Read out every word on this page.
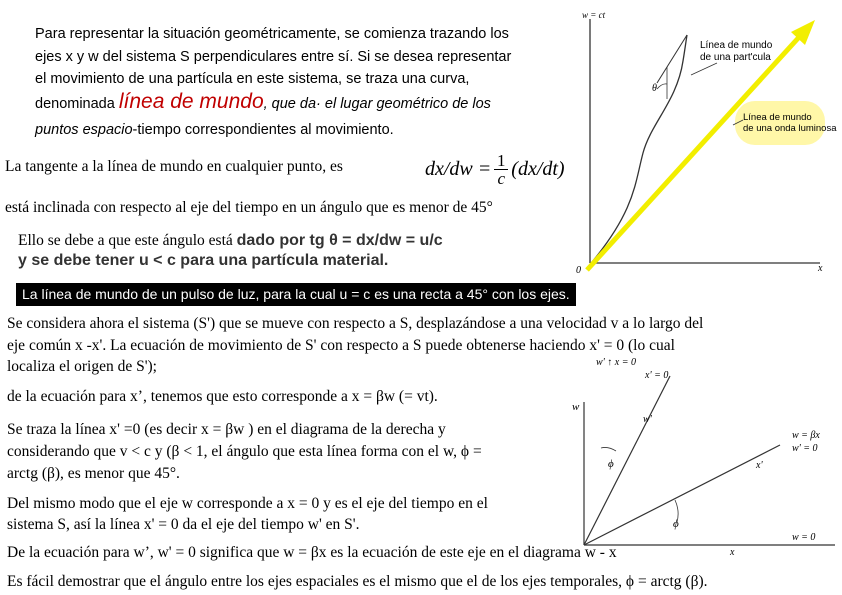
Para representar la situación geométricamente, se comienza trazando los
ejes x y w del sistema S perpendiculares entre sí. Si se desea representar
el movimiento de una partícula en este sistema, se traza una curva,
denominada línea de mundo, que da· el lugar geométrico de los
puntos espacio-tiempo correspondientes al movimiento.
La tangente a la línea de mundo en cualquier punto, es	dx/dw = 1
c (dx/dt)
está inclinada con respecto al eje del tiempo en un ángulo que es menor de 45°
Ello se debe a que este ángulo está dado por tg θ = dx/dw = u/c
y se debe tener u < c para una partícula material.
La línea de mundo de un pulso de luz, para la cual u = c es una recta a 45° con los ejes.
Se considera ahora el sistema (S') que se mueve con respecto a S, desplazándose a una velocidad v a lo largo del
eje común x -x'. La ecuación de movimiento de S' con respecto a S puede obtenerse haciendo x' = 0 (lo cual
localiza el origen de S');
de la ecuación para x’, tenemos que esto corresponde a x = βw (= vt).
Se traza la línea x' =0 (es decir x = βw ) en el diagrama de la derecha y
considerando que v < c y (β < 1, el ángulo que esta línea forma con el w, ϕ =
arctg (β), es menor que 45°.
Del mismo modo que el eje w corresponde a x = 0 y es el eje del tiempo en el
sistema S, así la línea x' = 0 da el eje del tiempo w' en S'.
De la ecuación para w’, w' = 0 significa que w = βx es la ecuación de este eje en el diagrama w - x
Es fácil demostrar que el ángulo entre los ejes espaciales es el mismo que el de los ejes temporales, ϕ = arctg (β).
w = ct
Línea de mundo
de una part'cula
θ
Línea de mundo
de una onda luminosa
0	x
w' ↑ x = 0
x' = 0
w
w'
ϕ
w = βx
w' = 0
x'
ϕ
w = 0
x
